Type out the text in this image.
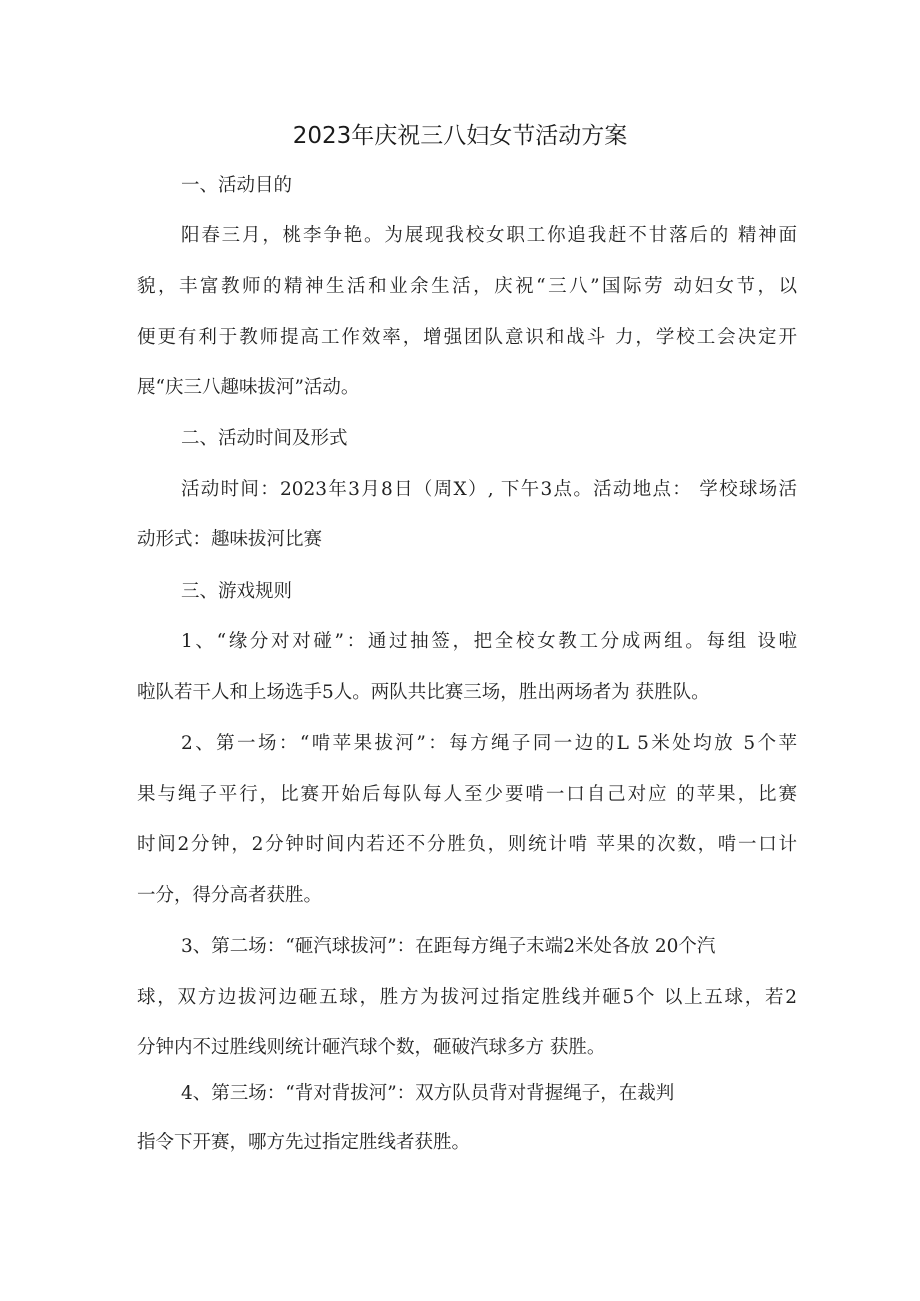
2023年庆祝三八妇女节活动方案
一、活动目的
阳春三月，桃李争艳。为展现我校女职工你追我赶不甘落后的 精神面
貌，丰富教师的精神生活和业余生活，庆祝“三八”国际劳 动妇女节，以
便更有利于教师提高工作效率，增强团队意识和战斗 力，学校工会决定开
展“庆三八趣味拔河”活动。
二、活动时间及形式
活动时间：2023年3月8日（周X）, 下午3点。活动地点： 学校球场活
动形式：趣味拔河比赛
三、游戏规则
1、“缘分对对碰”：通过抽签，把全校女教工分成两组。每组 设啦
啦队若干人和上场选手5人。两队共比赛三场，胜出两场者为 获胜队。
2、第一场：“啃苹果拔河”：每方绳子同一边的L 5米处均放 5个苹
果与绳子平行，比赛开始后每队每人至少要啃一口自己对应 的苹果，比赛
时间2分钟，2分钟时间内若还不分胜负，则统计啃 苹果的次数，啃一口计
一分，得分高者获胜。
3、第二场：“砸汽球拔河”：在距每方绳子末端2米处各放 20个汽
球，双方边拔河边砸五球，胜方为拔河过指定胜线并砸5个 以上五球，若2
分钟内不过胜线则统计砸汽球个数，砸破汽球多方 获胜。
4、第三场：“背对背拔河”：双方队员背对背握绳子，在裁判
指令下开赛，哪方先过指定胜线者获胜。
